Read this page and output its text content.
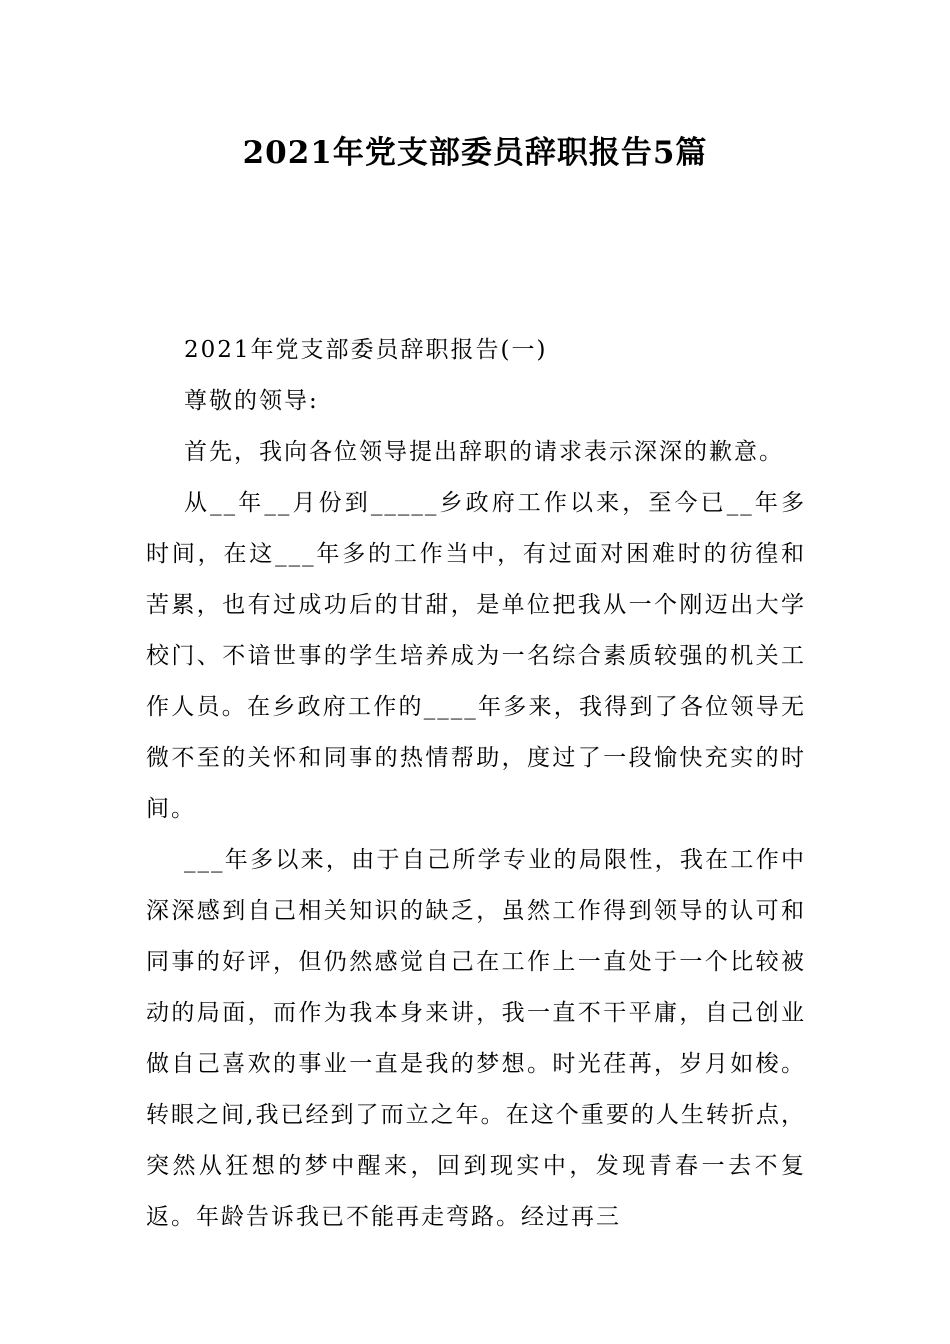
2021年党支部委员辞职报告5篇

2021年党支部委员辞职报告(一)

尊敬的领导:

首先，我向各位领导提出辞职的请求表示深深的歉意。

从__年__月份到_____乡政府工作以来，至今已__年多时间，在这___年多的工作当中，有过面对困难时的彷徨和苦累，也有过成功后的甘甜，是单位把我从一个刚迈出大学校门、不谙世事的学生培养成为一名综合素质较强的机关工作人员。在乡政府工作的____年多来，我得到了各位领导无微不至的关怀和同事的热情帮助，度过了一段愉快充实的时间。

___年多以来，由于自己所学专业的局限性，我在工作中深深感到自己相关知识的缺乏，虽然工作得到领导的认可和同事的好评，但仍然感觉自己在工作上一直处于一个比较被动的局面，而作为我本身来讲，我一直不干平庸，自己创业做自己喜欢的事业一直是我的梦想。时光荏苒，岁月如梭。转眼之间,我已经到了而立之年。在这个重要的人生转折点，突然从狂想的梦中醒来，回到现实中，发现青春一去不复返。年龄告诉我已不能再走弯路。经过再三
